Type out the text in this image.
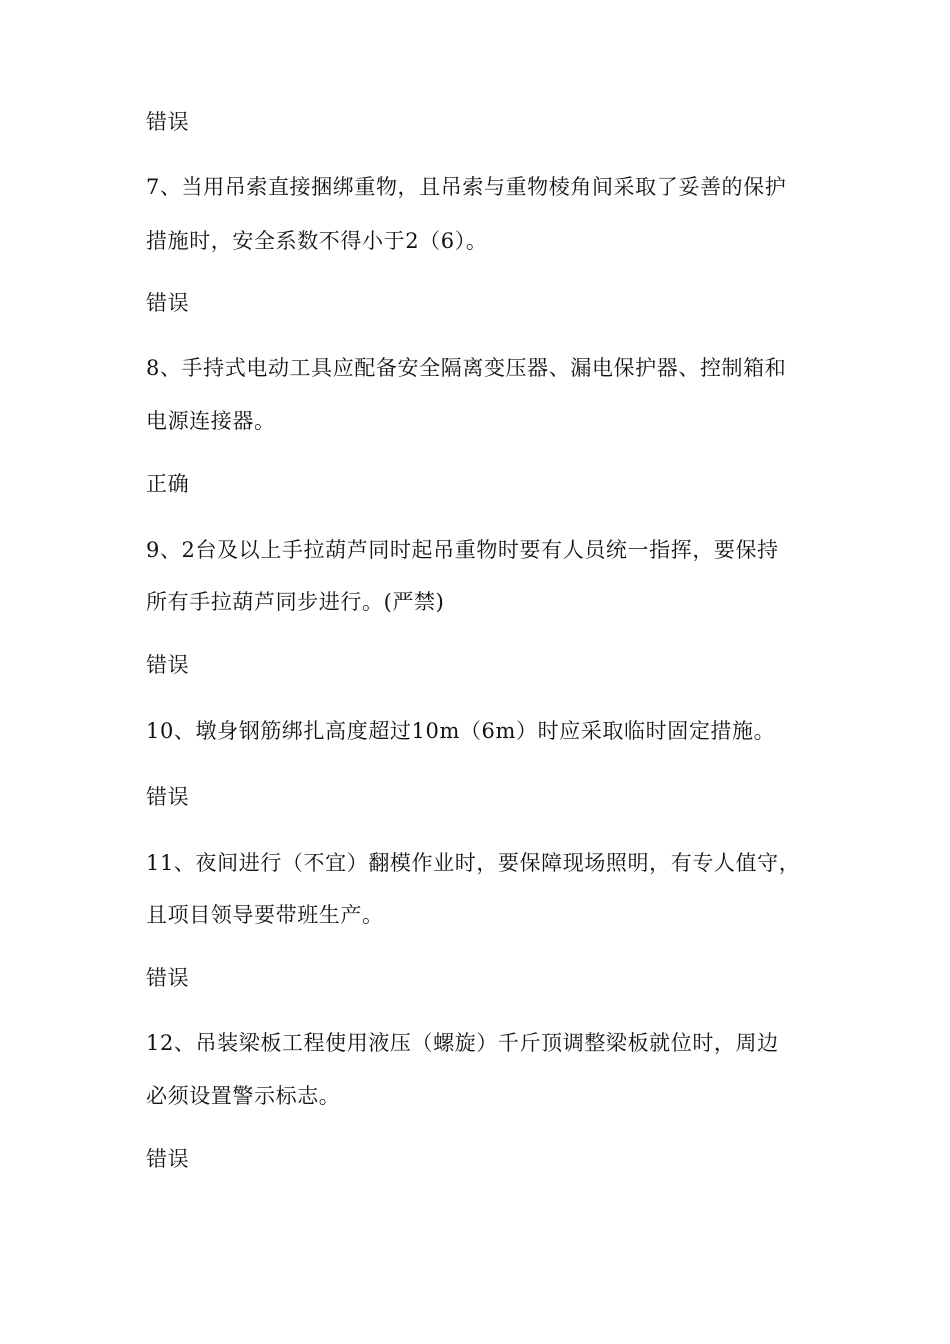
错误
7、当用吊索直接捆绑重物，且吊索与重物棱角间采取了妥善的保护
措施时，安全系数不得小于2（6）。
错误
8、手持式电动工具应配备安全隔离变压器、漏电保护器、控制箱和
电源连接器。
正确
9、2台及以上手拉葫芦同时起吊重物时要有人员统一指挥，要保持
所有手拉葫芦同步进行。(严禁)
错误
10、墩身钢筋绑扎高度超过10m（6m）时应采取临时固定措施。
错误
11、夜间进行（不宜）翻模作业时，要保障现场照明，有专人值守，
且项目领导要带班生产。
错误
12、吊装梁板工程使用液压（螺旋）千斤顶调整梁板就位时，周边
必须设置警示标志。
错误
